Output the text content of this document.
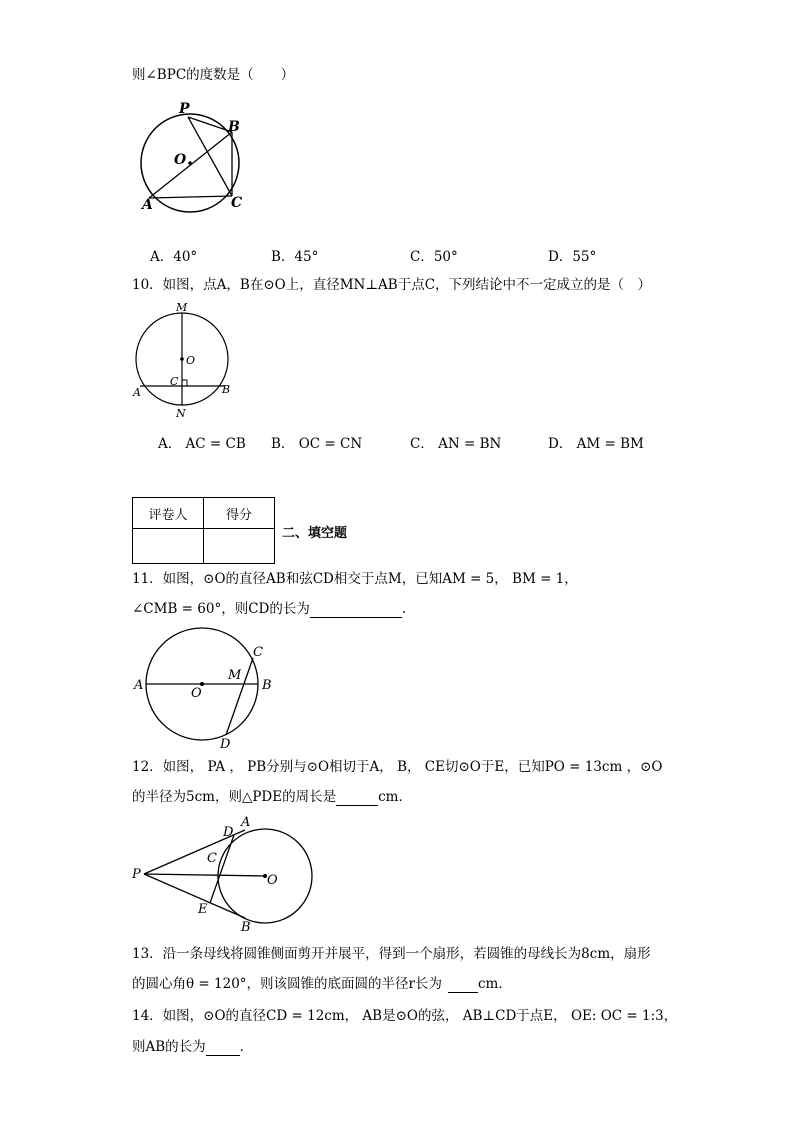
则∠BPC的度数是（　　）
P
B
O
A	C
A．40°	B．45°	C．50°	D．55°
10．如图，点A，B在⊙O上，直径MN⊥AB于点C，下列结论中不一定成立的是（　）
M
O
C
A	B
N
A． AC = CB B． OC = CN	C． AN = BN	D． AM = BM
评卷人	得分

二、填空题
11．如图，⊙O的直径AB和弦CD相交于点M，已知AM = 5， BM = 1，
∠CMB = 60°，则CD的长为	.
A
O
M
B
C
D
12．如图， PA ， PB分别与⊙O相切于A， B， CE切⊙O于E，已知PO = 13cm ，⊙O
的半径为5cm，则△PDE的周长是	cm．
D
A
C
P	O
E
B
13．沿一条母线将圆锥侧面剪开并展平，得到一个扇形，若圆锥的母线长为8cm，扇形
的圆心角θ = 120°，则该圆锥的底面圆的半径r长为	cm．
14．如图，⊙O的直径CD = 12cm， AB是⊙O的弦， AB⊥CD于点E， OE: OC = 1:3，
则AB的长为	．
